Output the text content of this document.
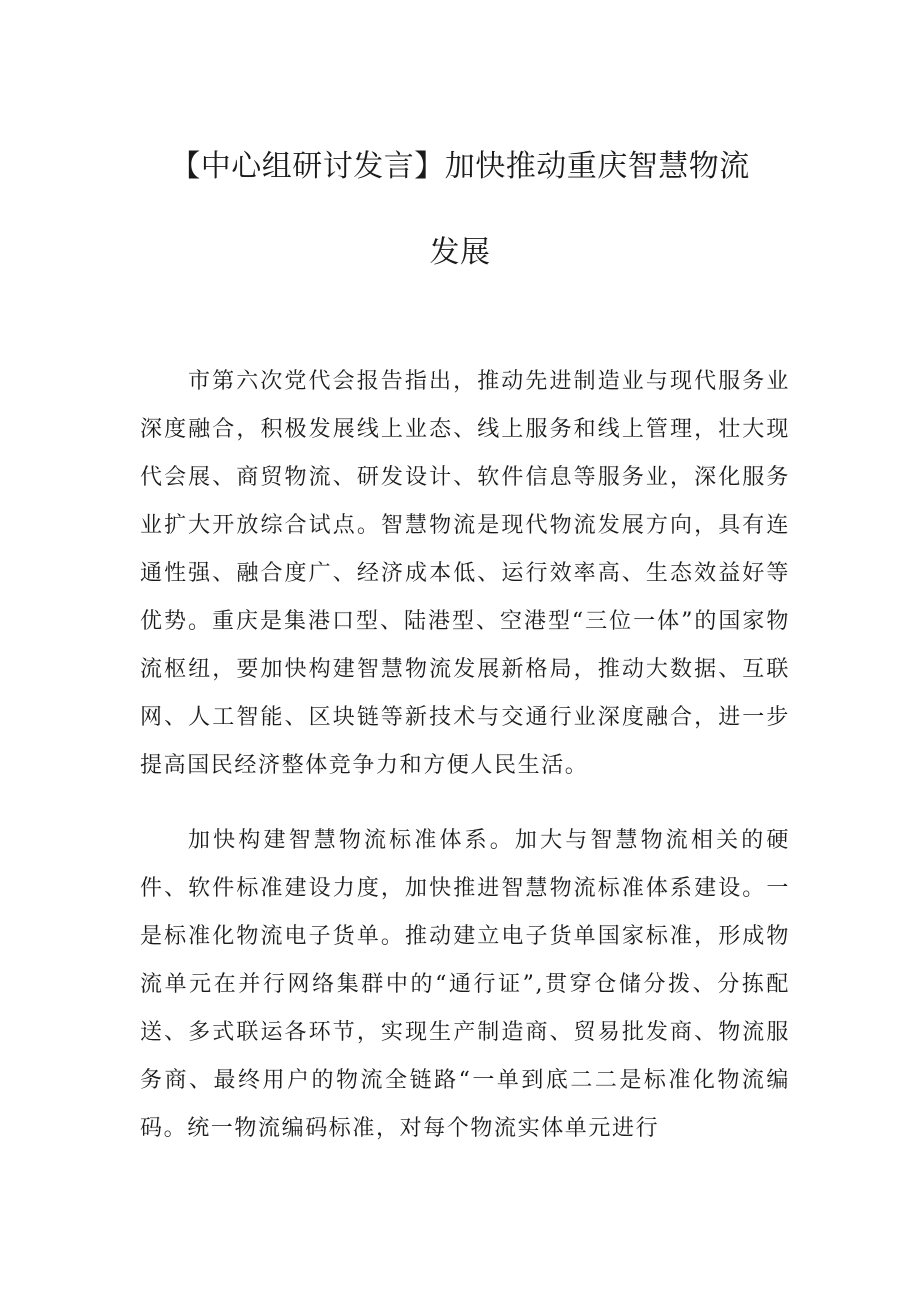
【中心组研讨发言】加快推动重庆智慧物流
发展

市第六次党代会报告指出，推动先进制造业与现代服务业深度融合，积极发展线上业态、线上服务和线上管理，壮大现代会展、商贸物流、研发设计、软件信息等服务业，深化服务业扩大开放综合试点。智慧物流是现代物流发展方向，具有连通性强、融合度广、经济成本低、运行效率高、生态效益好等优势。重庆是集港口型、陆港型、空港型“三位一体”的国家物流枢纽，要加快构建智慧物流发展新格局，推动大数据、互联网、人工智能、区块链等新技术与交通行业深度融合，进一步提高国民经济整体竞争力和方便人民生活。

加快构建智慧物流标准体系。加大与智慧物流相关的硬件、软件标准建设力度，加快推进智慧物流标准体系建设。一是标准化物流电子货单。推动建立电子货单国家标准，形成物流单元在并行网络集群中的“通行证”,贯穿仓储分拨、分拣配送、多式联运各环节，实现生产制造商、贸易批发商、物流服务商、最终用户的物流全链路“一单到底二二是标准化物流编码。统一物流编码标准，对每个物流实体单元进行
